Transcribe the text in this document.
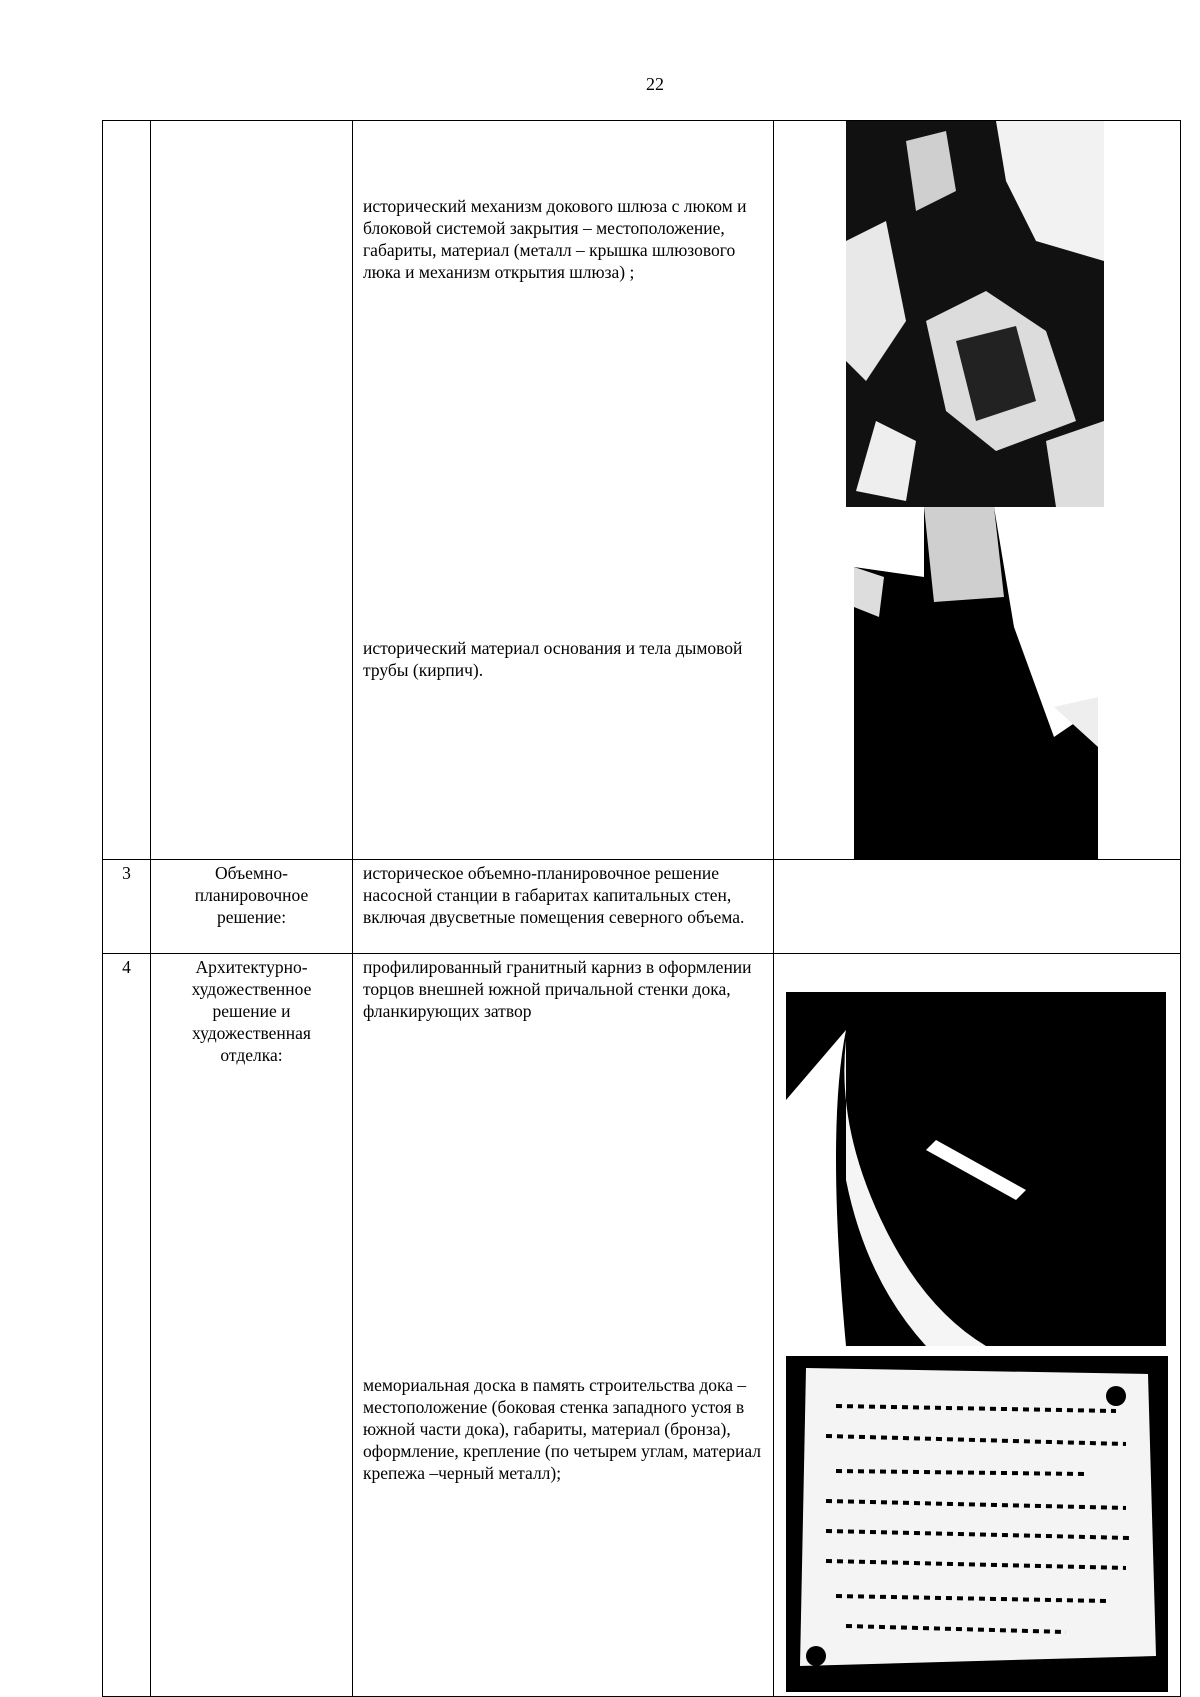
22

		исторический механизм докового шлюза с люком и блоковой системой закрытия – местоположение, габариты, материал (металл – крышка шлюзового люка и механизм открытия шлюза) ;
исторический материал основания и тела дымовой трубы (кирпич).

3	Объемно-планировочное решение:	историческое объемно-планировочное решение насосной станции в габаритах капитальных стен, включая двусветные помещения северного объема.	

4	Архитектурно-художественное решение и художественная отделка:	профилированный гранитный карниз в оформлении торцов внешней южной причальной стенки дока, фланкирующих затвор
мемориальная доска в память строительства дока – местоположение (боковая стенка западного устоя в южной части дока), габариты, материал (бронза), оформление, крепление (по четырем углам, материал крепежа –черный металл);
